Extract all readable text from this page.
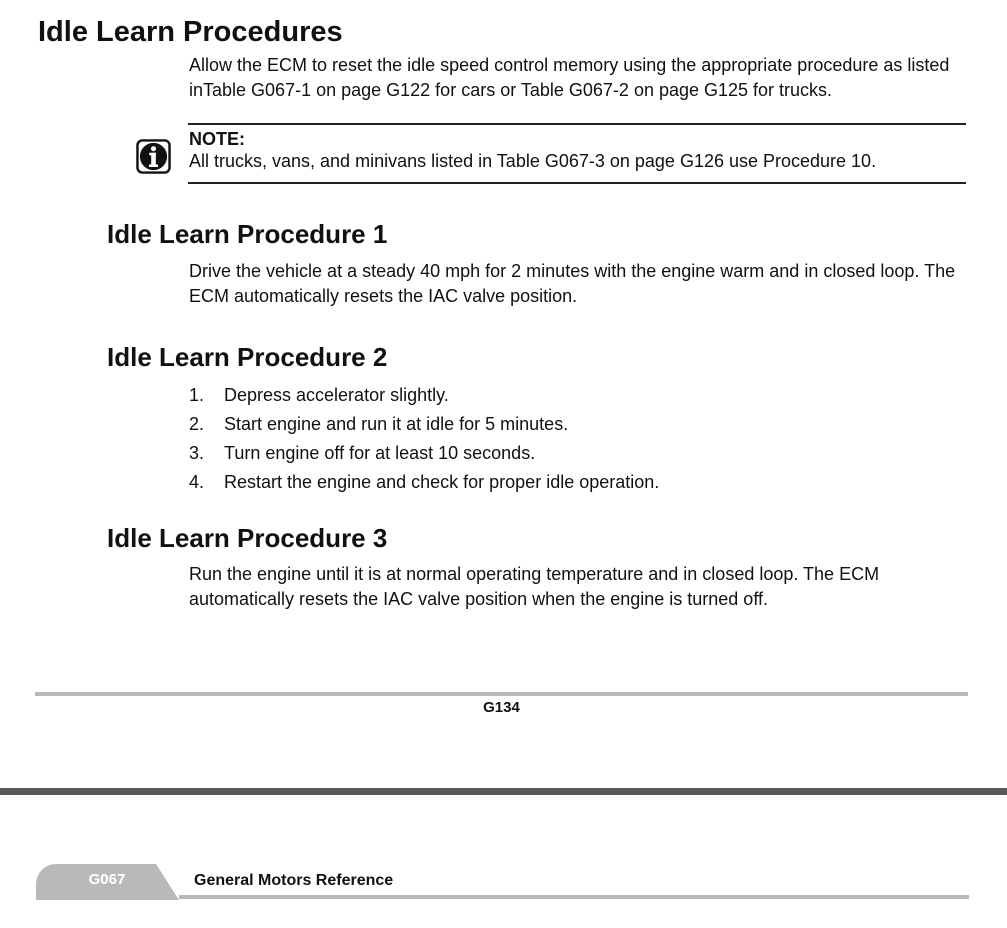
Idle Learn Procedures

Allow the ECM to reset the idle speed control memory using the appropriate procedure as listed inTable G067-1 on page G122 for cars or Table G067-2 on page G125 for trucks.

NOTE:

All trucks, vans, and minivans listed in Table G067-3 on page G126 use Procedure 10.

Idle Learn Procedure 1

Drive the vehicle at a steady 40 mph for 2 minutes with the engine warm and in closed loop. The ECM automatically resets the IAC valve position.

Idle Learn Procedure 2
1. Depress accelerator slightly.
2. Start engine and run it at idle for 5 minutes.
3. Turn engine off for at least 10 seconds.
4. Restart the engine and check for proper idle operation.
Idle Learn Procedure 3

Run the engine until it is at normal operating temperature and in closed loop. The ECM automatically resets the IAC valve position when the engine is turned off.

G134

G067	General Motors Reference
